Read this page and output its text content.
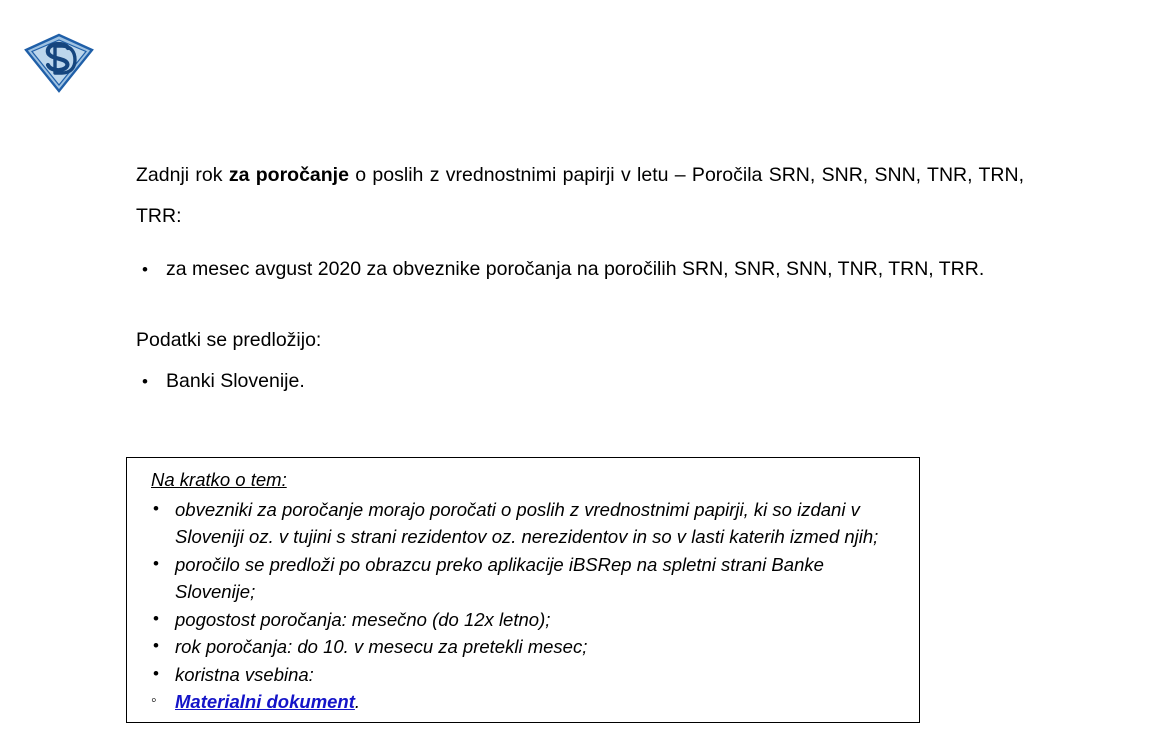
Zadnji rok za poročanje o poslih z vrednostnimi papirji v letu – Poročila SRN, SNR, SNN, TNR, TRN, TRR:

• za mesec avgust 2020 za obveznike poročanja na poročilih SRN, SNR, SNN, TNR, TRN, TRR.

Podatki se predložijo:

• Banki Slovenije.
Na kratko o tem:
• obvezniki za poročanje morajo poročati o poslih z vrednostnimi papirji, ki so izdani v Sloveniji oz. v tujini s strani rezidentov oz. nerezidentov in so v lasti katerih izmed njih;
• poročilo se predloži po obrazcu preko aplikacije iBSRep na spletni strani Banke Slovenije;
• pogostost poročanja: mesečno (do 12x letno);
• rok poročanja: do 10. v mesecu za pretekli mesec;
• koristna vsebina:
◦ Materialni dokument.
